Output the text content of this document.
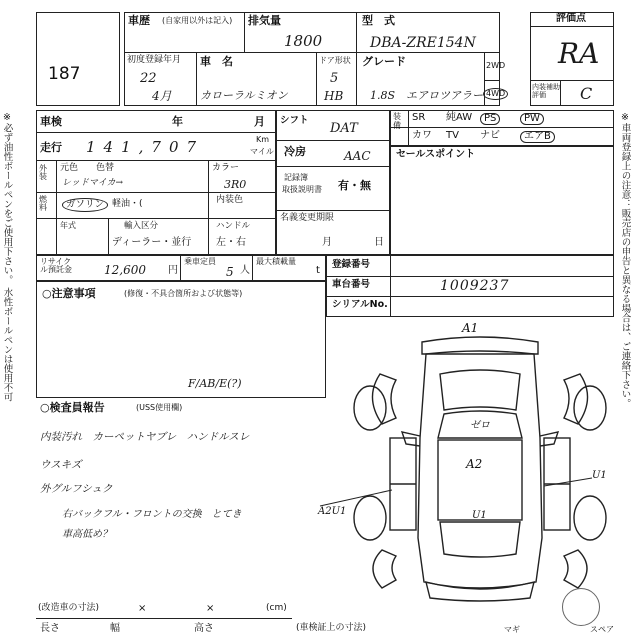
※必ず油性ボールペンをご使用下さい。 水性ボールペンは使用不可	※車両登録上の注意：販売店の申告と異なる場合は、ご連絡下さい。
187
車歴 (自家用以外は記入) 排気量
1800
型　式
DBA-ZRE154N
初度登録年月
22
4月
車　名
カローラルミオン
ドア形状
5
HB
グレード
1.8S　エアロツアラー
2WD
4WD
評価点
RA
内装補助評価	C
車検	年	月
走行 141,707	Km
マイル
外装
元色 色替
レッドマイカ→
カラー
3R0
燃料	ガソリン 軽油・(	内装色
年式	輸入区分
ディーラー・並行
ハンドル
左・右
シフト
DAT
冷房	AAC
記録簿
取扱説明書 有・無
名義変更期限
月	日
装備
SR 純AW	PS	PW
カワ TV ナビ	エアB
セールスポイント
リサイクル預託金	12,600 円
乗車定員
5 人
最大積載量
t
登録番号
車台番号	1009237
シリアルNo.
○注意事項	(修復・不具合箇所および状態等)
F/AB/E(?)
○検査員報告	(USS使用欄)
内装汚れ　カーペットヤブレ　ハンドルスレ
ウスキズ
外グルフシュク
右バックフル・フロントの交換　とてき
車高低め？
A1
A2
A2U1
U1
U1
ゼロ
スペア
マギ
(改造車の寸法)	×	×	(cm)
長さ	幅	高さ	(車検証上の寸法)
